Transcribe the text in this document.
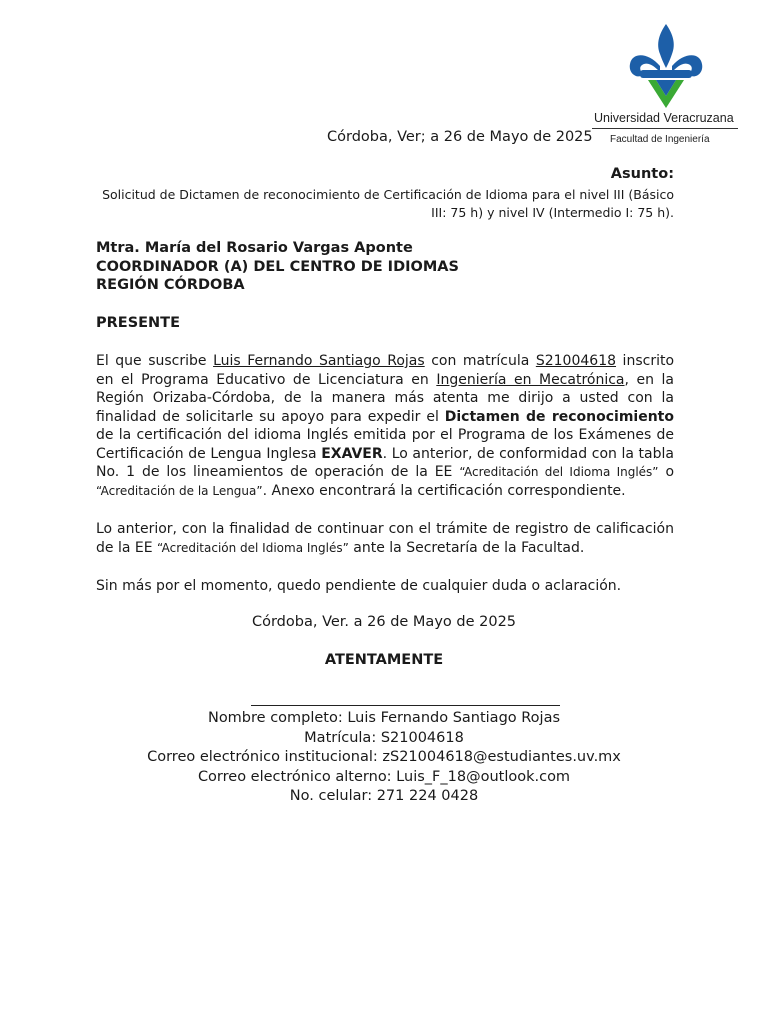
Universidad Veracruzana
Facultad de Ingeniería
Córdoba, Ver; a 26 de Mayo de 2025
Asunto:
Solicitud de Dictamen de reconocimiento de Certificación de Idioma para el nivel III (Básico III: 75 h) y nivel IV (Intermedio I: 75 h).
Mtra. María del Rosario Vargas Aponte
COORDINADOR (A) DEL CENTRO DE IDIOMAS
REGIÓN CÓRDOBA
PRESENTE
El que suscribe Luis Fernando Santiago Rojas con matrícula S21004618 inscrito en el Programa Educativo de Licenciatura en Ingeniería en Mecatrónica, en la Región Orizaba-Córdoba, de la manera más atenta me dirijo a usted con la finalidad de solicitarle su apoyo para expedir el Dictamen de reconocimiento de la certificación del idioma Inglés emitida por el Programa de los Exámenes de Certificación de Lengua Inglesa EXAVER. Lo anterior, de conformidad con la tabla No. 1 de los lineamientos de operación de la EE “Acreditación del Idioma Inglés” o “Acreditación de la Lengua”. Anexo encontrará la certificación correspondiente.
Lo anterior, con la finalidad de continuar con el trámite de registro de calificación de la EE “Acreditación del Idioma Inglés” ante la Secretaría de la Facultad.
Sin más por el momento, quedo pendiente de cualquier duda o aclaración.
Córdoba, Ver. a 26 de Mayo de 2025
ATENTAMENTE
Nombre completo: Luis Fernando Santiago Rojas
Matrícula: S21004618
Correo electrónico institucional: zS21004618@estudiantes.uv.mx
Correo electrónico alterno: Luis_F_18@outlook.com
No. celular: 271 224 0428
